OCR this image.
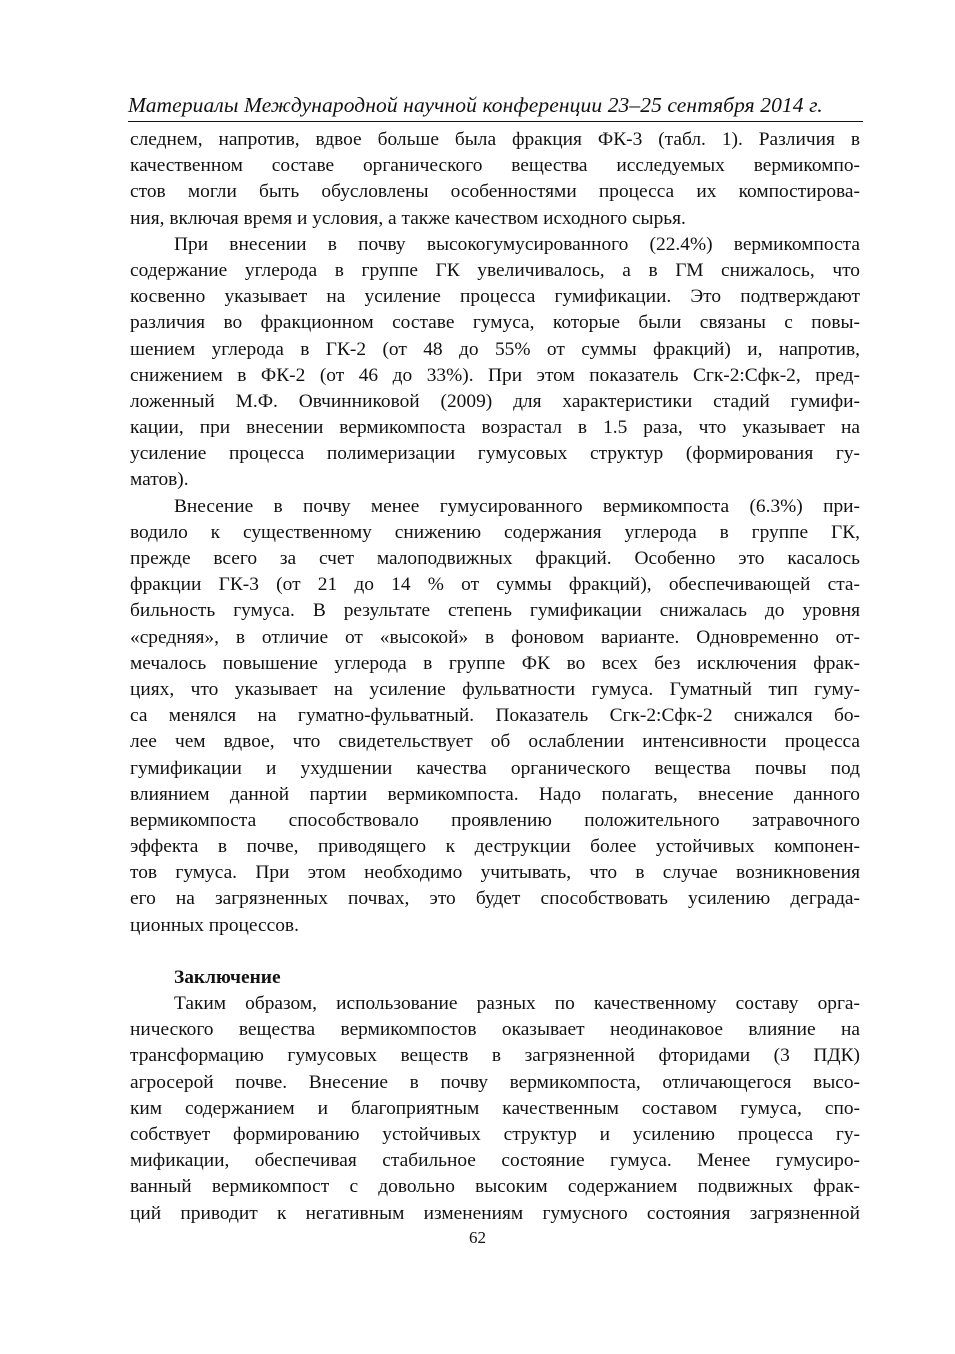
Материалы Международной научной конференции 23–25 сентября 2014 г.
следнем, напротив, вдвое больше была фракция ФК-3 (табл. 1). Различия в
качественном составе органического вещества исследуемых вермикомпо-
стов могли быть обусловлены особенностями процесса их компостирова-
ния, включая время и условия, а также качеством исходного сырья.
При внесении в почву высокогумусированного (22.4%) вермикомпоста
содержание углерода в группе ГК увеличивалось, а в ГМ снижалось, что
косвенно указывает на усиление процесса гумификации. Это подтверждают
различия во фракционном составе гумуса, которые были связаны с повы-
шением углерода в ГК-2 (от 48 до 55% от суммы фракций) и, напротив,
снижением в ФК-2 (от 46 до 33%). При этом показатель Сгк-2:Сфк-2, пред-
ложенный М.Ф. Овчинниковой (2009) для характеристики стадий гумифи-
кации, при внесении вермикомпоста возрастал в 1.5 раза, что указывает на
усиление процесса полимеризации гумусовых структур (формирования гу-
матов).
Внесение в почву менее гумусированного вермикомпоста (6.3%) при-
водило к существенному снижению содержания углерода в группе ГК,
прежде всего за счет малоподвижных фракций. Особенно это касалось
фракции ГК-3 (от 21 до 14 % от суммы фракций), обеспечивающей ста-
бильность гумуса. В результате степень гумификации снижалась до уровня
«средняя», в отличие от «высокой» в фоновом варианте. Одновременно от-
мечалось повышение углерода в группе ФК во всех без исключения фрак-
циях, что указывает на усиление фульватности гумуса. Гуматный тип гуму-
са менялся на гуматно-фульватный. Показатель Сгк-2:Сфк-2 снижался бо-
лее чем вдвое, что свидетельствует об ослаблении интенсивности процесса
гумификации и ухудшении качества органического вещества почвы под
влиянием данной партии вермикомпоста. Надо полагать, внесение данного
вермикомпоста способствовало проявлению положительного затравочного
эффекта в почве, приводящего к деструкции более устойчивых компонен-
тов гумуса. При этом необходимо учитывать, что в случае возникновения
его на загрязненных почвах, это будет способствовать усилению деграда-
ционных процессов.
Заключение
Таким образом, использование разных по качественному составу орга-
нического вещества вермикомпостов оказывает неодинаковое влияние на
трансформацию гумусовых веществ в загрязненной фторидами (3 ПДК)
агросерой почве. Внесение в почву вермикомпоста, отличающегося высо-
ким содержанием и благоприятным качественным составом гумуса, спо-
собствует формированию устойчивых структур и усилению процесса гу-
мификации, обеспечивая стабильное состояние гумуса. Менее гумусиро-
ванный вермикомпост с довольно высоким содержанием подвижных фрак-
ций приводит к негативным изменениям гумусного состояния загрязненной
62
